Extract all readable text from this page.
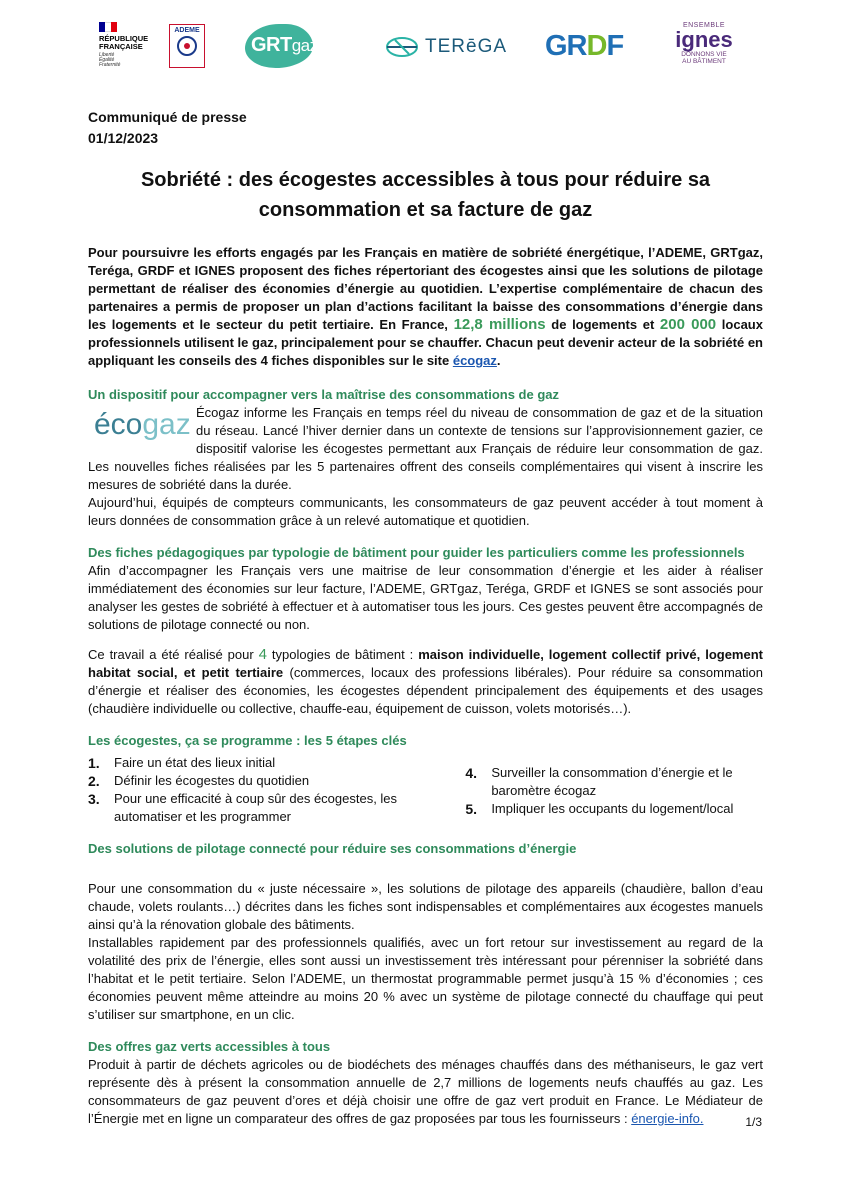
RÉPUBLIQUE
FRANÇAISE
Liberté
Égalité
Fraternité
ADEME
GRTgaz	TERēGA GR D F
ENSEMBLE
ignes
DONNONS VIE
AU BÂTIMENT
Communiqué de presse
01/12/2023
Sobriété : des écogestes accessibles à tous pour réduire sa consommation et sa facture de gaz

Pour poursuivre les efforts engagés par les Français en matière de sobriété énergétique, l’ADEME, GRTgaz, Teréga, GRDF et IGNES proposent des fiches répertoriant des écogestes ainsi que les solutions de pilotage permettant de réaliser des économies d’énergie au quotidien. L’expertise complémentaire de chacun des partenaires a permis de proposer un plan d’actions facilitant la baisse des consommations d’énergie dans les logements et le secteur du petit tertiaire. En France, 12,8 millions de logements et 200 000 locaux professionnels utilisent le gaz, principalement pour se chauffer. Chacun peut devenir acteur de la sobriété en appliquant les conseils des 4 fiches disponibles sur le site écogaz.

Un dispositif pour accompagner vers la maîtrise des consommations de gaz
écogaz Écogaz informe les Français en temps réel du niveau de consommation de gaz et de la situation du réseau. Lancé l’hiver dernier dans un contexte de tensions sur l’approvisionnement gazier, ce dispositif valorise les écogestes permettant aux Français de réduire leur consommation de gaz. Les nouvelles fiches réalisées par les 5 partenaires offrent des conseils complémentaires qui visent à inscrire les mesures de sobriété dans la durée.

Aujourd’hui, équipés de compteurs communicants, les consommateurs de gaz peuvent accéder à tout moment à leurs données de consommation grâce à un relevé automatique et quotidien.

Des fiches pédagogiques par typologie de bâtiment pour guider les particuliers comme les professionnels

Afin d’accompagner les Français vers une maitrise de leur consommation d’énergie et les aider à réaliser immédiatement des économies sur leur facture, l’ADEME, GRTgaz, Teréga, GRDF et IGNES se sont associés pour analyser les gestes de sobriété à effectuer et à automatiser tous les jours. Ces gestes peuvent être accompagnés de solutions de pilotage connecté ou non.

Ce travail a été réalisé pour 4 typologies de bâtiment : maison individuelle, logement collectif privé, logement habitat social, et petit tertiaire (commerces, locaux des professions libérales). Pour réduire sa consommation d’énergie et réaliser des économies, les écogestes dépendent principalement des équipements et des usages (chaudière individuelle ou collective, chauffe-eau, équipement de cuisson, volets motorisés…).

Les écogestes, ça se programme : les 5 étapes clés
1.	Faire un état des lieux initial
2.	Définir les écogestes du quotidien
3.	Pour une efficacité à coup sûr des écogestes, les automatiser et les programmer
4.	Surveiller la consommation d’énergie et le baromètre écogaz
5.	Impliquer les occupants du logement/local
Des solutions de pilotage connecté pour réduire ses consommations d’énergie

Pour une consommation du « juste nécessaire », les solutions de pilotage des appareils (chaudière, ballon d’eau chaude, volets roulants…) décrites dans les fiches sont indispensables et complémentaires aux écogestes manuels ainsi qu’à la rénovation globale des bâtiments.

Installables rapidement par des professionnels qualifiés, avec un fort retour sur investissement au regard de la volatilité des prix de l’énergie, elles sont aussi un investissement très intéressant pour pérenniser la sobriété dans l’habitat et le petit tertiaire. Selon l’ADEME, un thermostat programmable permet jusqu’à 15 % d’économies ; ces économies peuvent même atteindre au moins 20 % avec un système de pilotage connecté du chauffage qui peut s’utiliser sur smartphone, en un clic.

Des offres gaz verts accessibles à tous

Produit à partir de déchets agricoles ou de biodéchets des ménages chauffés dans des méthaniseurs, le gaz vert représente dès à présent la consommation annuelle de 2,7 millions de logements neufs chauffés au gaz. Les consommateurs de gaz peuvent d’ores et déjà choisir une offre de gaz vert produit en France. Le Médiateur de l’Énergie met en ligne un comparateur des offres de gaz proposées par tous les fournisseurs : énergie-info.	1/3
